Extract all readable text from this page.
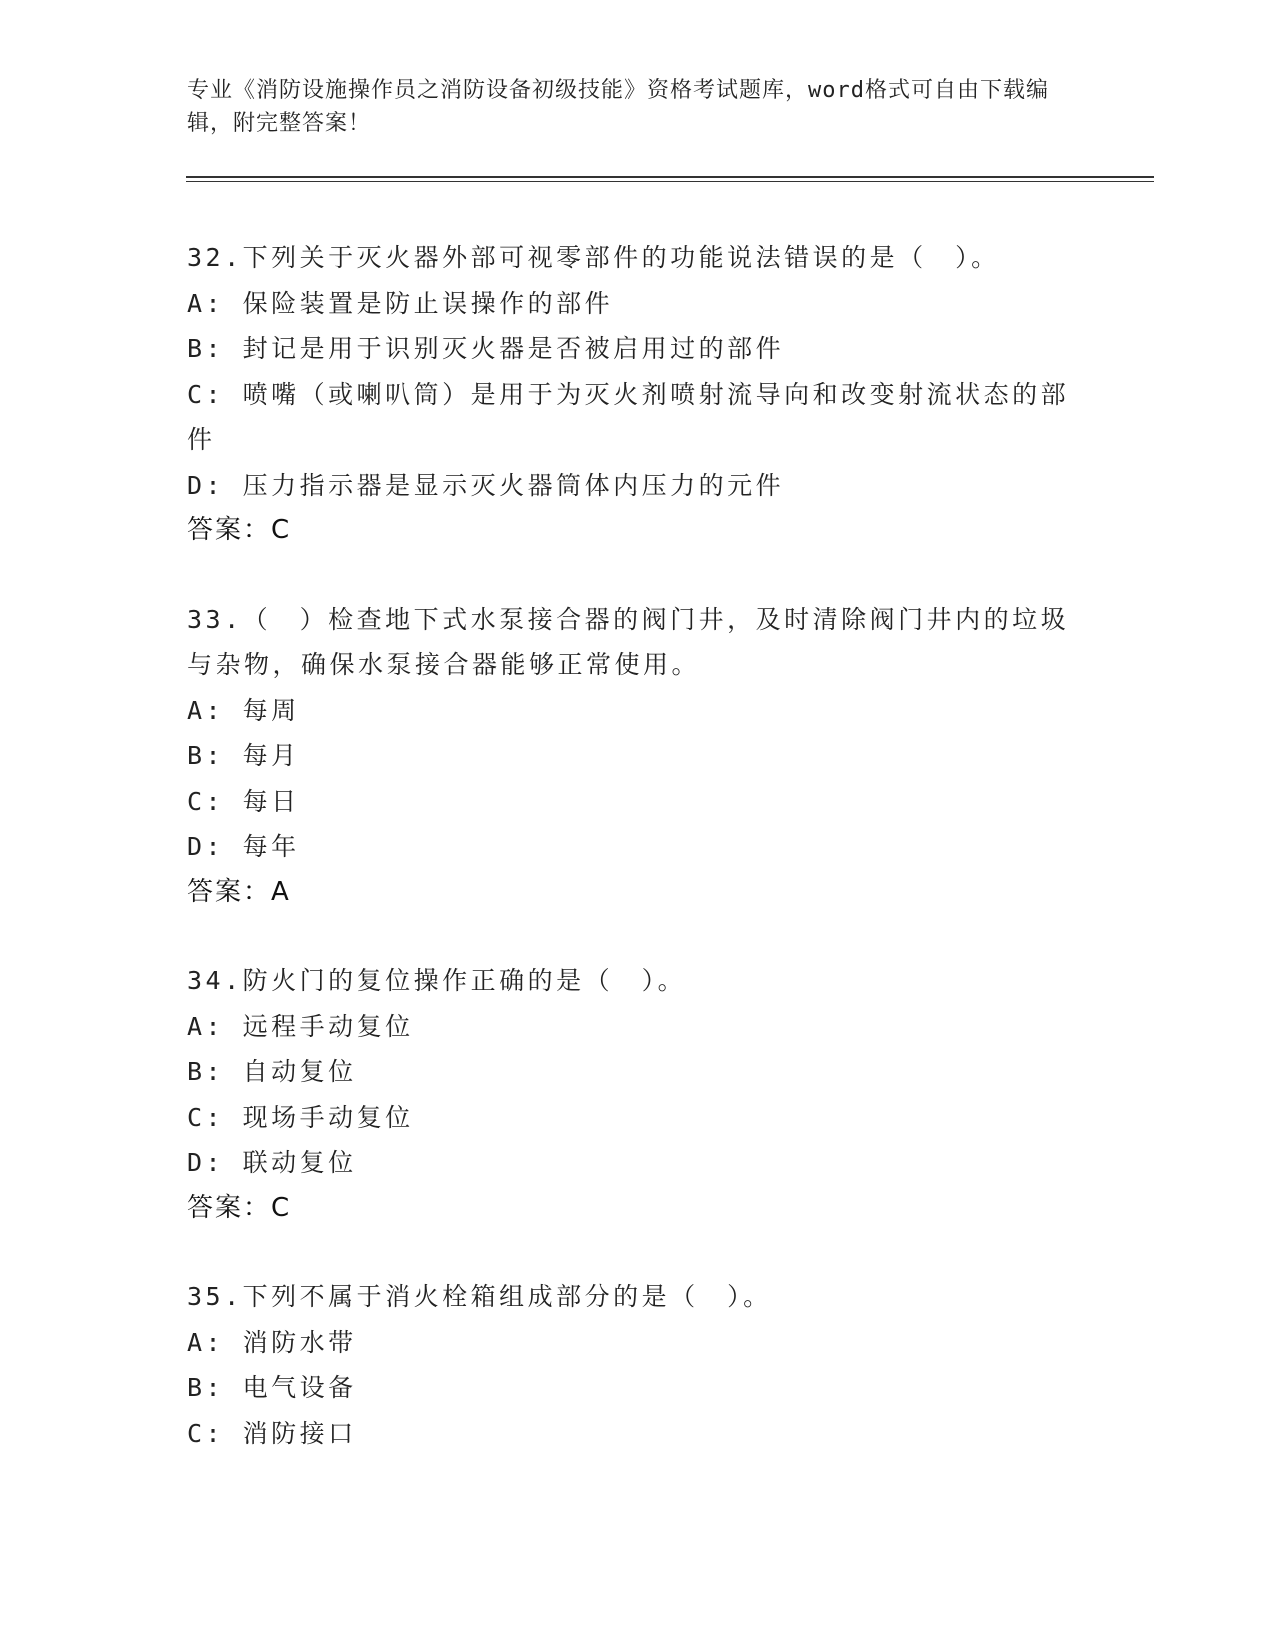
专业《消防设施操作员之消防设备初级技能》资格考试题库，word格式可自由下载编辑，附完整答案！
32.下列关于灭火器外部可视零部件的功能说法错误的是（　）。
A: 保险装置是防止误操作的部件
B: 封记是用于识别灭火器是否被启用过的部件
C: 喷嘴（或喇叭筒）是用于为灭火剂喷射流导向和改变射流状态的部件
D: 压力指示器是显示灭火器筒体内压力的元件
答案：C
33.（　）检查地下式水泵接合器的阀门井，及时清除阀门井内的垃圾与杂物，确保水泵接合器能够正常使用。
A: 每周
B: 每月
C: 每日
D: 每年
答案：A
34.防火门的复位操作正确的是（　）。
A: 远程手动复位
B: 自动复位
C: 现场手动复位
D: 联动复位
答案：C
35.下列不属于消火栓箱组成部分的是（　）。
A: 消防水带
B: 电气设备
C: 消防接口
